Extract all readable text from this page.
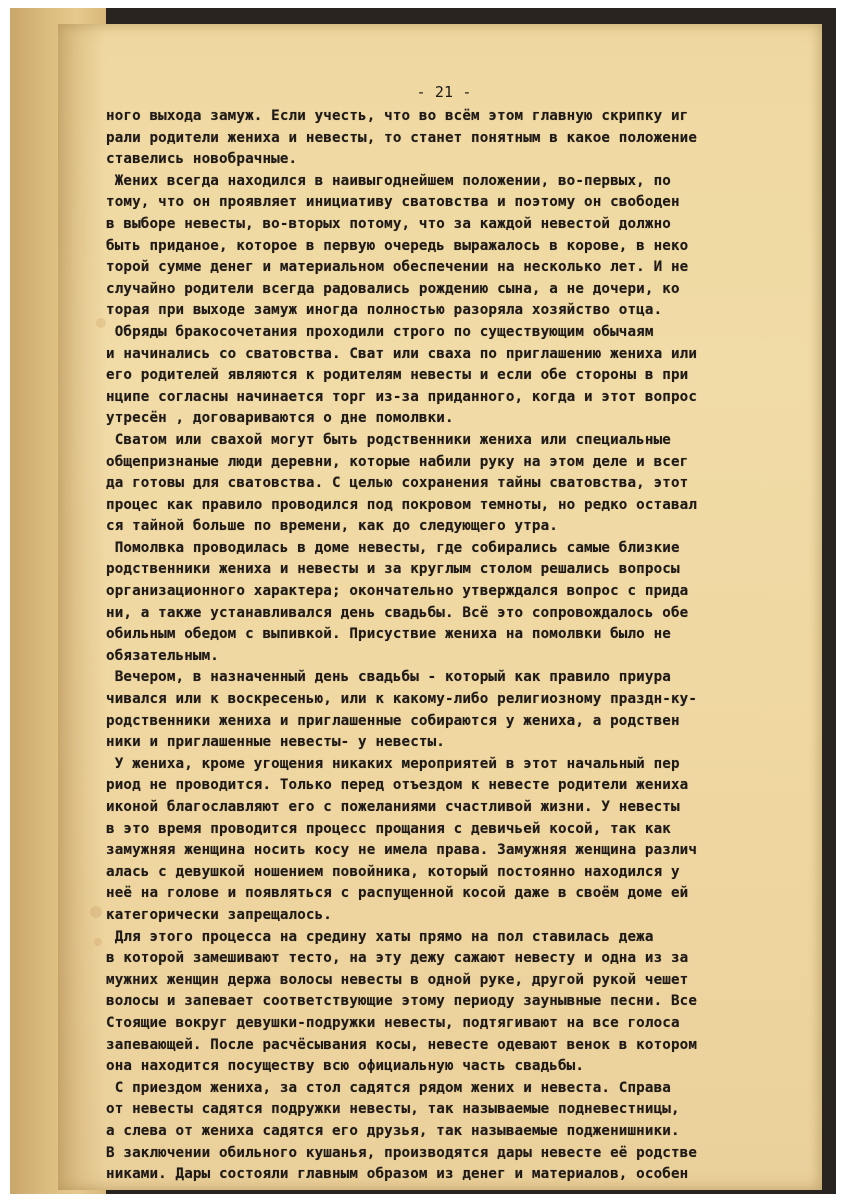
- 21 -
ного выхода замуж. Если учесть, что во всём этом главную скрипку иг
рали родители жениха и невесты, то станет понятным в какое положение
ставелись новобрачные.
Жених всегда находился в наивыгоднейшем положении, во-первых, по
тому, что он проявляет инициативу сватовства и поэтому он свободен
в выборе невесты, во-вторых потому, что за каждой невестой должно
быть приданое, которое в первую очередь выражалось в корове, в неко
торой сумме денег и материальном обеспечении на несколько лет. И не
случайно родители всегда радовались рождению сына, а не дочери, ко
торая при выходе замуж иногда полностью разоряла хозяйство отца.
Обряды бракосочетания проходили строго по существующим обычаям
и начинались со сватовства. Сват или сваха по приглашению жениха или
его родителей являются к родителям невесты и если обе стороны в при
нципе согласны начинается торг из-за приданного, когда и этот вопрос
утресён , договариваются о дне помолвки.
Сватом или свахой могут быть родственники жениха или специальные
общепризнаные люди деревни, которые набили руку на этом деле и всег
да готовы для сватовства. С целью сохранения тайны сватовства, этот
процес как правило проводился под покровом темноты, но редко оставал
ся тайной больше по времени, как до следующего утра.
Помолвка проводилась в доме невесты, где собирались самые близкие
родственники жениха и невесты и за круглым столом решались вопросы
организационного характера; окончательно утверждался вопрос с прида
ни, а также устанавливался день свадьбы. Всё это сопровождалось обе
обильным обедом с выпивкой. Присуствие жениха на помолвки было не
обязательным.
Вечером, в назначенный день свадьбы - который как правило приура
чивался или к воскресенью, или к какому-либо религиозному праздн-ку-
родственники жениха и приглашенные собираются у жениха, а родствен
ники и приглашенные невесты- у невесты.
У жениха, кроме угощения никаких мероприятей в этот начальный пер
риод не проводится. Только перед отъездом к невесте родители жениха
иконой благославляют его с пожеланиями счастливой жизни. У невесты
в это время проводится процесс прощания с девичьей косой, так как
замужняя женщина носить косу не имела права. Замужняя женщина различ
алась с девушкой ношением повойника, который постоянно находился у
неё на голове и появляться с распущенной косой даже в своём доме ей
категорически запрещалось.
Для этого процесса на средину хаты прямо на пол ставилась дежа
в которой замешивают тесто, на эту дежу сажают невесту и одна из за
мужних женщин держа волосы невесты в одной руке, другой рукой чешет
волосы и запевает соответствующие этому периоду заунывные песни. Все
Стоящие вокруг девушки-подружки невесты, подтягивают на все голоса
запевающей. После расчёсывания косы, невесте одевают венок в котором
она находится посуществу всю официальную часть свадьбы.
С приездом жениха, за стол садятся рядом жених и невеста. Справа
от невесты садятся подружки невесты, так называемые подневестницы,
а слева от жениха садятся его друзья, так называемые подженишники.
В заключении обильного кушанья, производятся дары невесте её родстве
никами. Дары состояли главным образом из денег и материалов, особен
